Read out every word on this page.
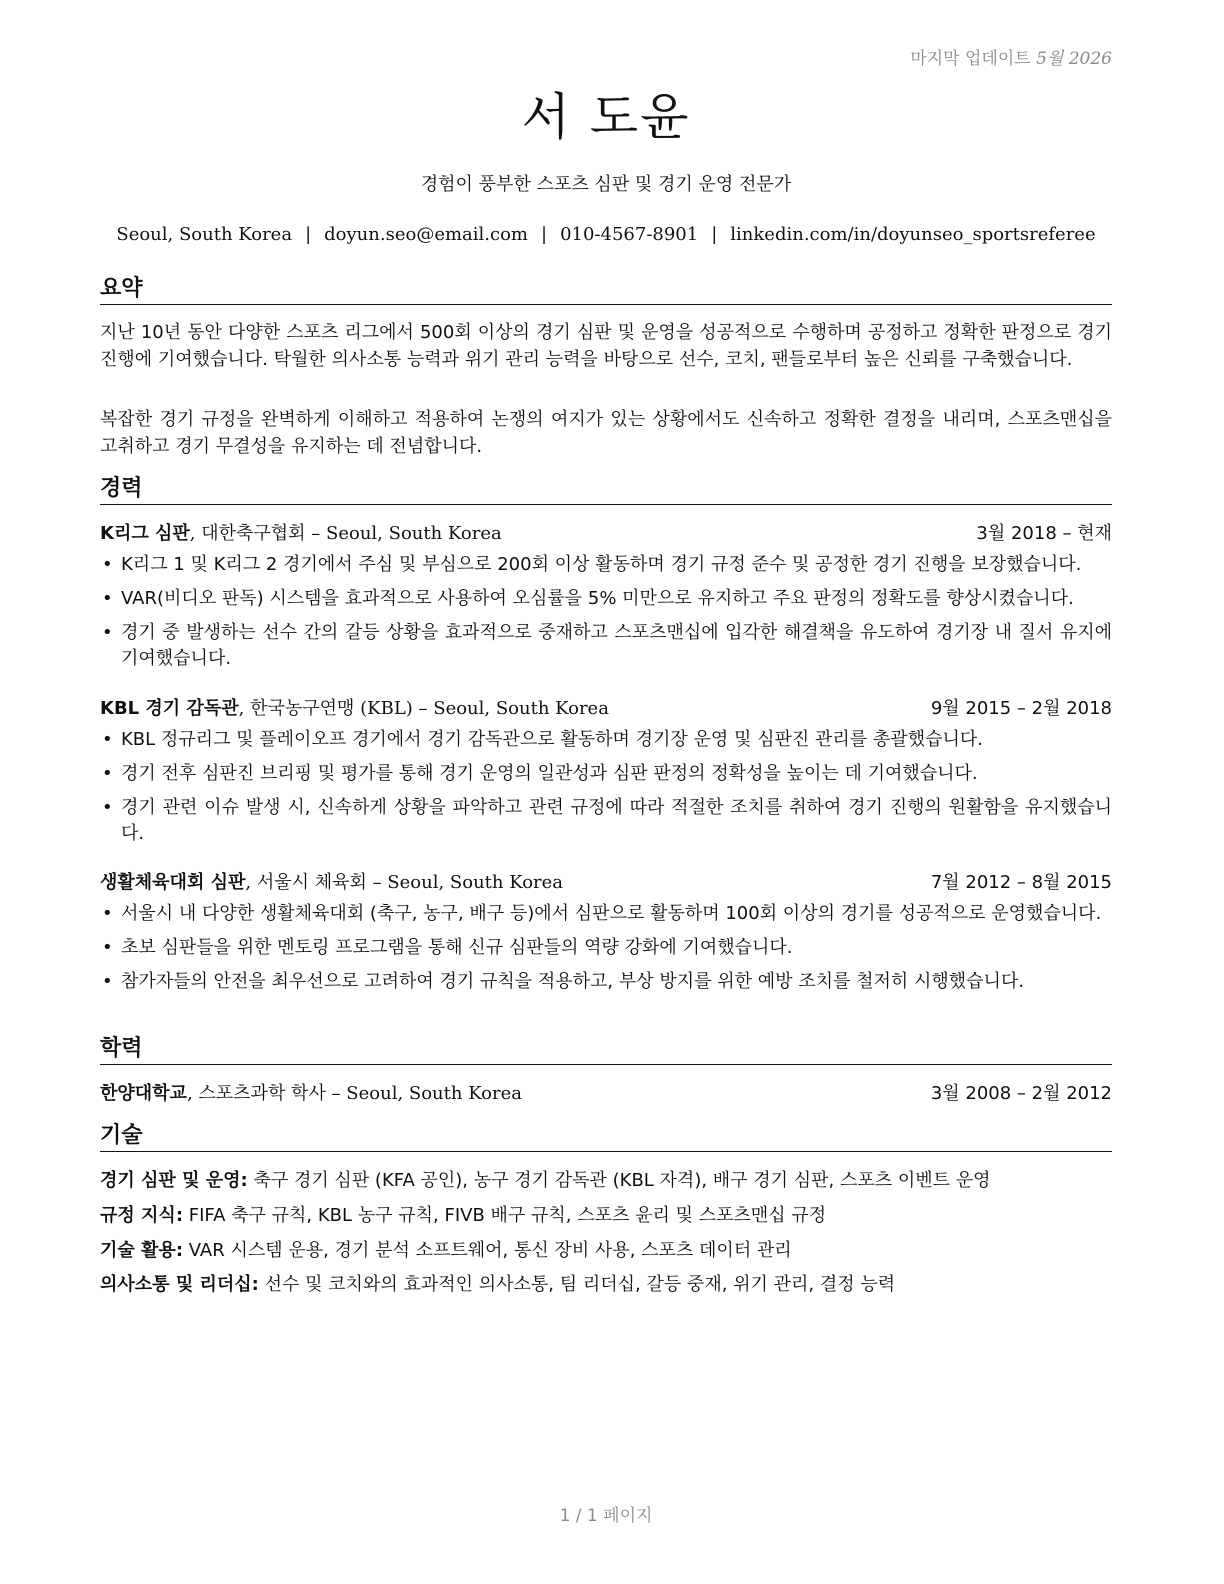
마지막 업데이트 5월 2026
서 도윤
경험이 풍부한 스포츠 심판 및 경기 운영 전문가
Seoul, South Korea | doyun.seo@email.com | 010-4567-8901 | linkedin.com/in/doyunseo_sportsreferee
요약
지난 10년 동안 다양한 스포츠 리그에서 500회 이상의 경기 심판 및 운영을 성공적으로 수행하며 공정하고 정확한 판정으로 경기 진행에 기여했습니다. 탁월한 의사소통 능력과 위기 관리 능력을 바탕으로 선수, 코치, 팬들로부터 높은 신뢰를 구축했습니다.
복잡한 경기 규정을 완벽하게 이해하고 적용하여 논쟁의 여지가 있는 상황에서도 신속하고 정확한 결정을 내리며, 스포츠맨십을 고취하고 경기 무결성을 유지하는 데 전념합니다.
경력
K리그 심판, 대한축구협회 – Seoul, South Korea	3월 2018 – 현재
• K리그 1 및 K리그 2 경기에서 주심 및 부심으로 200회 이상 활동하며 경기 규정 준수 및 공정한 경기 진행을 보장했습니다.
• VAR(비디오 판독) 시스템을 효과적으로 사용하여 오심률을 5% 미만으로 유지하고 주요 판정의 정확도를 향상시켰습니다.
• 경기 중 발생하는 선수 간의 갈등 상황을 효과적으로 중재하고 스포츠맨십에 입각한 해결책을 유도하여 경기장 내 질서 유지에 기여했습니다.
KBL 경기 감독관, 한국농구연맹 (KBL) – Seoul, South Korea	9월 2015 – 2월 2018
• KBL 정규리그 및 플레이오프 경기에서 경기 감독관으로 활동하며 경기장 운영 및 심판진 관리를 총괄했습니다.
• 경기 전후 심판진 브리핑 및 평가를 통해 경기 운영의 일관성과 심판 판정의 정확성을 높이는 데 기여했습니다.
• 경기 관련 이슈 발생 시, 신속하게 상황을 파악하고 관련 규정에 따라 적절한 조치를 취하여 경기 진행의 원활함을 유지했습니다.
생활체육대회 심판, 서울시 체육회 – Seoul, South Korea	7월 2012 – 8월 2015
• 서울시 내 다양한 생활체육대회 (축구, 농구, 배구 등)에서 심판으로 활동하며 100회 이상의 경기를 성공적으로 운영했습니다.
• 초보 심판들을 위한 멘토링 프로그램을 통해 신규 심판들의 역량 강화에 기여했습니다.
• 참가자들의 안전을 최우선으로 고려하여 경기 규칙을 적용하고, 부상 방지를 위한 예방 조치를 철저히 시행했습니다.
학력
한양대학교, 스포츠과학 학사 – Seoul, South Korea	3월 2008 – 2월 2012
기술
경기 심판 및 운영: 축구 경기 심판 (KFA 공인), 농구 경기 감독관 (KBL 자격), 배구 경기 심판, 스포츠 이벤트 운영
규정 지식: FIFA 축구 규칙, KBL 농구 규칙, FIVB 배구 규칙, 스포츠 윤리 및 스포츠맨십 규정
기술 활용: VAR 시스템 운용, 경기 분석 소프트웨어, 통신 장비 사용, 스포츠 데이터 관리
의사소통 및 리더십: 선수 및 코치와의 효과적인 의사소통, 팀 리더십, 갈등 중재, 위기 관리, 결정 능력
1 / 1 페이지
